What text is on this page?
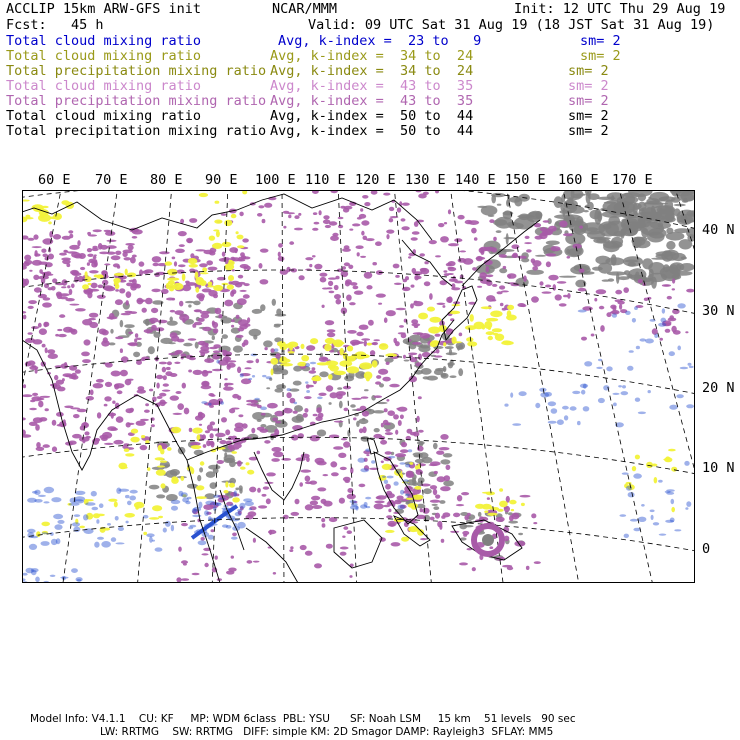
ACCLIP 15km ARW-GFS init	NCAR/MMM	Init: 12 UTC Thu 29 Aug 19
Fcst:   45 h	Valid: 09 UTC Sat 31 Aug 19 (18 JST Sat 31 Aug 19)
Total cloud mixing ratio	Avg, k-index =  23 to   9	sm= 2
Total cloud mixing ratio	Avg, k-index =  34 to  24	sm= 2
Total precipitation mixing ratio Avg, k-index =  34 to  24	sm= 2
Total cloud mixing ratio	Avg, k-index =  43 to  35	sm= 2
Total precipitation mixing ratio Avg, k-index =  43 to  35	sm= 2
Total cloud mixing ratio	Avg, k-index =  50 to  44	sm= 2
Total precipitation mixing ratio Avg, k-index =  50 to  44	sm= 2
60 E 70 E 80 E 90 E 100 E 110 E 120 E 130 E 140 E 150 E 160 E 170 E
40 N
30 N
20 N
10 N
0
Model Info: V4.1.1    CU: KF     MP: WDM 6class  PBL: YSU      SF: Noah LSM     15 km    51 levels   90 sec
LW: RRTMG    SW: RRTMG   DIFF: simple KM: 2D Smagor DAMP: Rayleigh3  SFLAY: MM5
